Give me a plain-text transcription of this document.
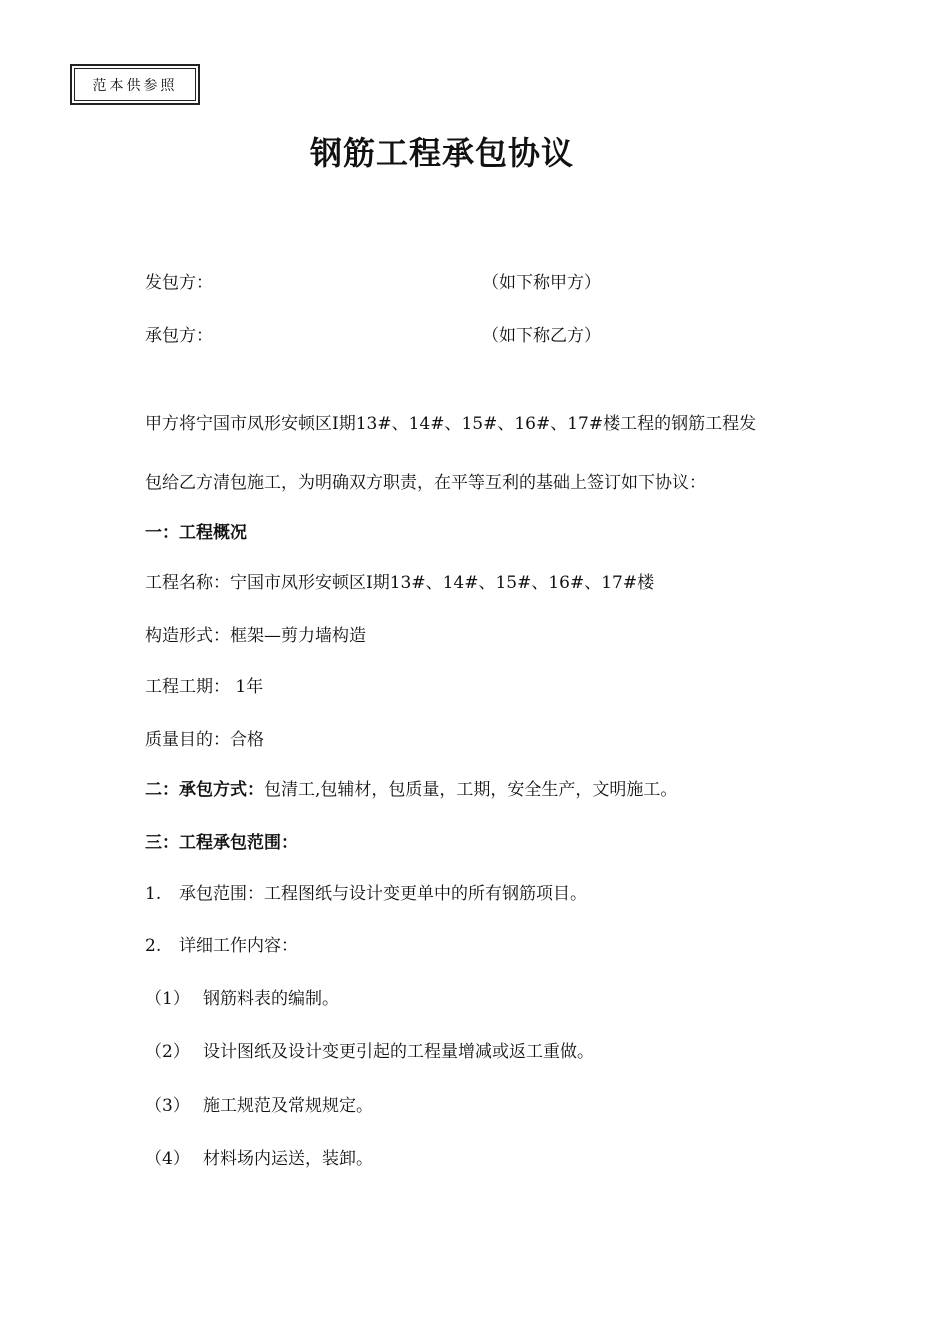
范本供参照
钢筋工程承包协议
发包方：	（如下称甲方）
承包方：	（如下称乙方）
甲方将宁国市凤形安顿区Ⅰ期13#、14#、15#、16#、17#楼工程的钢筋工程发
包给乙方清包施工，为明确双方职责，在平等互利的基础上签订如下协议：
一：工程概况
工程名称：宁国市凤形安顿区Ⅰ期13#、14#、15#、16#、17#楼
构造形式：框架—剪力墙构造
工程工期： 1年
质量目的：合格
二：承包方式：包清工,包辅材，包质量，工期，安全生产，文明施工。
三：工程承包范围：
1. 承包范围：工程图纸与设计变更单中的所有钢筋项目。
2. 详细工作内容：
（1） 钢筋料表的编制。
（2） 设计图纸及设计变更引起的工程量增减或返工重做。
（3） 施工规范及常规规定。
（4） 材料场内运送，装卸。
